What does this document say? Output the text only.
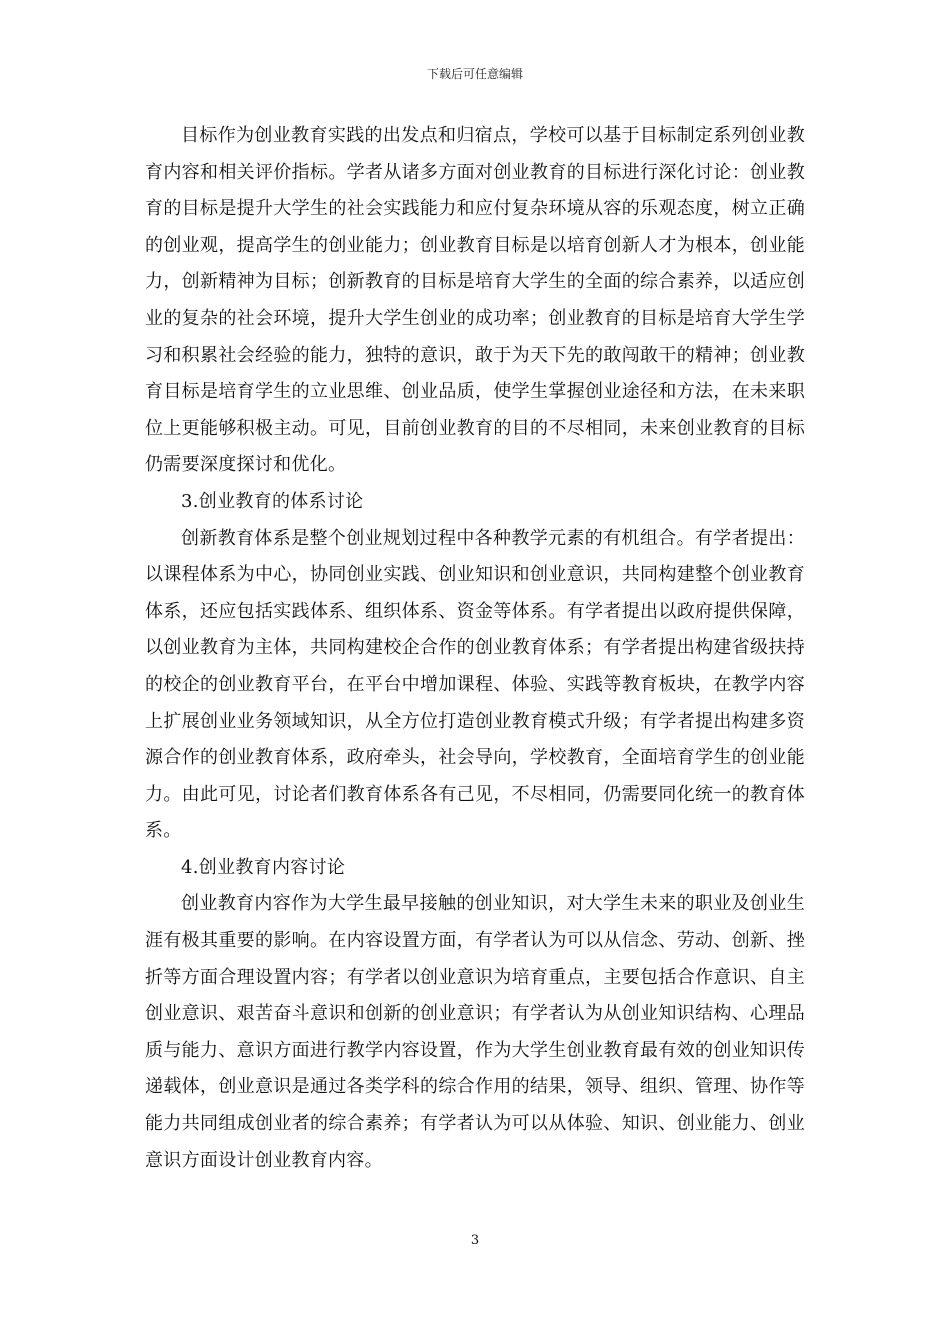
下载后可任意编辑

目标作为创业教育实践的出发点和归宿点，学校可以基于目标制定系列创业教育内容和相关评价指标。学者从诸多方面对创业教育的目标进行深化讨论：创业教育的目标是提升大学生的社会实践能力和应付复杂环境从容的乐观态度，树立正确的创业观，提高学生的创业能力；创业教育目标是以培育创新人才为根本，创业能力，创新精神为目标；创新教育的目标是培育大学生的全面的综合素养，以适应创业的复杂的社会环境，提升大学生创业的成功率；创业教育的目标是培育大学生学习和积累社会经验的能力，独特的意识，敢于为天下先的敢闯敢干的精神；创业教育目标是培育学生的立业思维、创业品质，使学生掌握创业途径和方法，在未来职位上更能够积极主动。可见，目前创业教育的目的不尽相同，未来创业教育的目标仍需要深度探讨和优化。

3.创业教育的体系讨论

创新教育体系是整个创业规划过程中各种教学元素的有机组合。有学者提出：以课程体系为中心，协同创业实践、创业知识和创业意识，共同构建整个创业教育体系，还应包括实践体系、组织体系、资金等体系。有学者提出以政府提供保障，以创业教育为主体，共同构建校企合作的创业教育体系；有学者提出构建省级扶持的校企的创业教育平台，在平台中增加课程、体验、实践等教育板块，在教学内容上扩展创业业务领域知识，从全方位打造创业教育模式升级；有学者提出构建多资源合作的创业教育体系，政府牵头，社会导向，学校教育，全面培育学生的创业能力。由此可见，讨论者们教育体系各有己见，不尽相同，仍需要同化统一的教育体系。

4.创业教育内容讨论

创业教育内容作为大学生最早接触的创业知识，对大学生未来的职业及创业生涯有极其重要的影响。在内容设置方面，有学者认为可以从信念、劳动、创新、挫折等方面合理设置内容；有学者以创业意识为培育重点，主要包括合作意识、自主创业意识、艰苦奋斗意识和创新的创业意识；有学者认为从创业知识结构、心理品质与能力、意识方面进行教学内容设置，作为大学生创业教育最有效的创业知识传递载体，创业意识是通过各类学科的综合作用的结果，领导、组织、管理、协作等能力共同组成创业者的综合素养；有学者认为可以从体验、知识、创业能力、创业意识方面设计创业教育内容。

3
